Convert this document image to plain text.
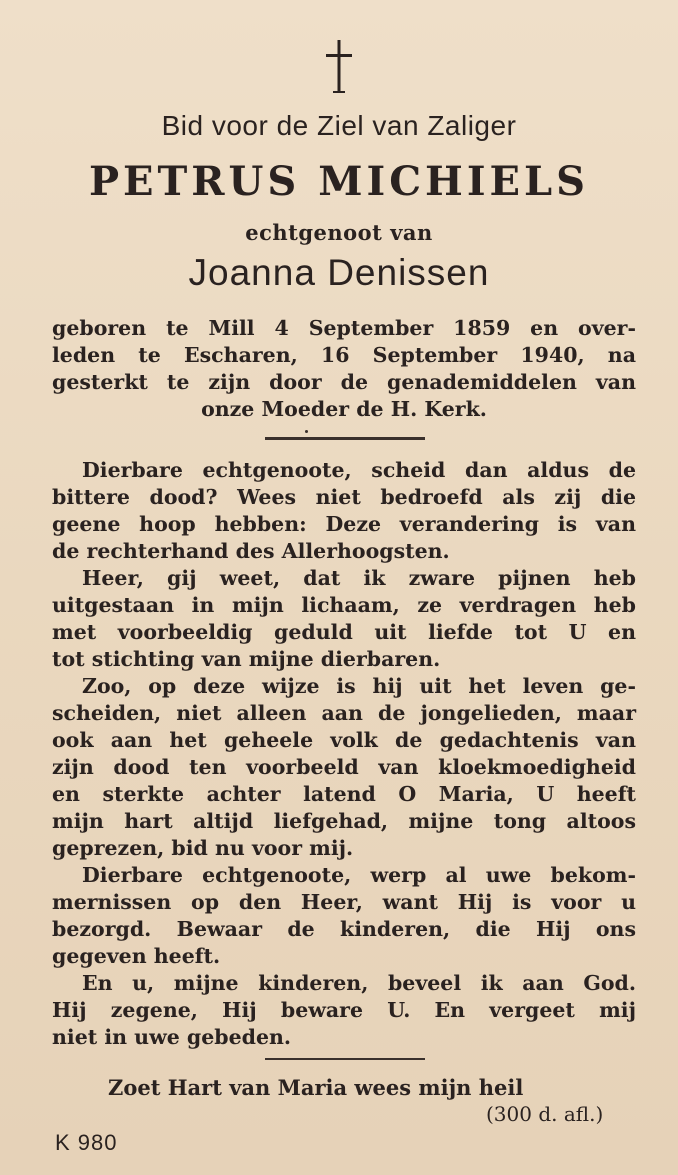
Bid voor de Ziel van Zaliger
PETRUS MICHIELS
echtgenoot van
Joanna Denissen
geboren te Mill 4 September 1859 en over-
leden te Escharen, 16 September 1940, na
gesterkt te zijn door de genademiddelen van
onze Moeder de H. Kerk.
Dierbare echtgenoote, scheid dan aldus de
bittere dood? Wees niet bedroefd als zij die
geene hoop hebben: Deze verandering is van
de rechterhand des Allerhoogsten.
Heer, gij weet, dat ik zware pijnen heb
uitgestaan in mijn lichaam, ze verdragen heb
met voorbeeldig geduld uit liefde tot U en
tot stichting van mijne dierbaren.
Zoo, op deze wijze is hij uit het leven ge-
scheiden, niet alleen aan de jongelieden, maar
ook aan het geheele volk de gedachtenis van
zijn dood ten voorbeeld van kloekmoedigheid
en sterkte achter latend O Maria, U heeft
mijn hart altijd liefgehad, mijne tong altoos
geprezen, bid nu voor mij.
Dierbare echtgenoote, werp al uwe bekom-
mernissen op den Heer, want Hij is voor u
bezorgd. Bewaar de kinderen, die Hij ons
gegeven heeft.
En u, mijne kinderen, beveel ik aan God.
Hij zegene, Hij beware U. En vergeet mij
niet in uwe gebeden.
Zoet Hart van Maria wees mijn heil
(300 d. afl.)
K 980
